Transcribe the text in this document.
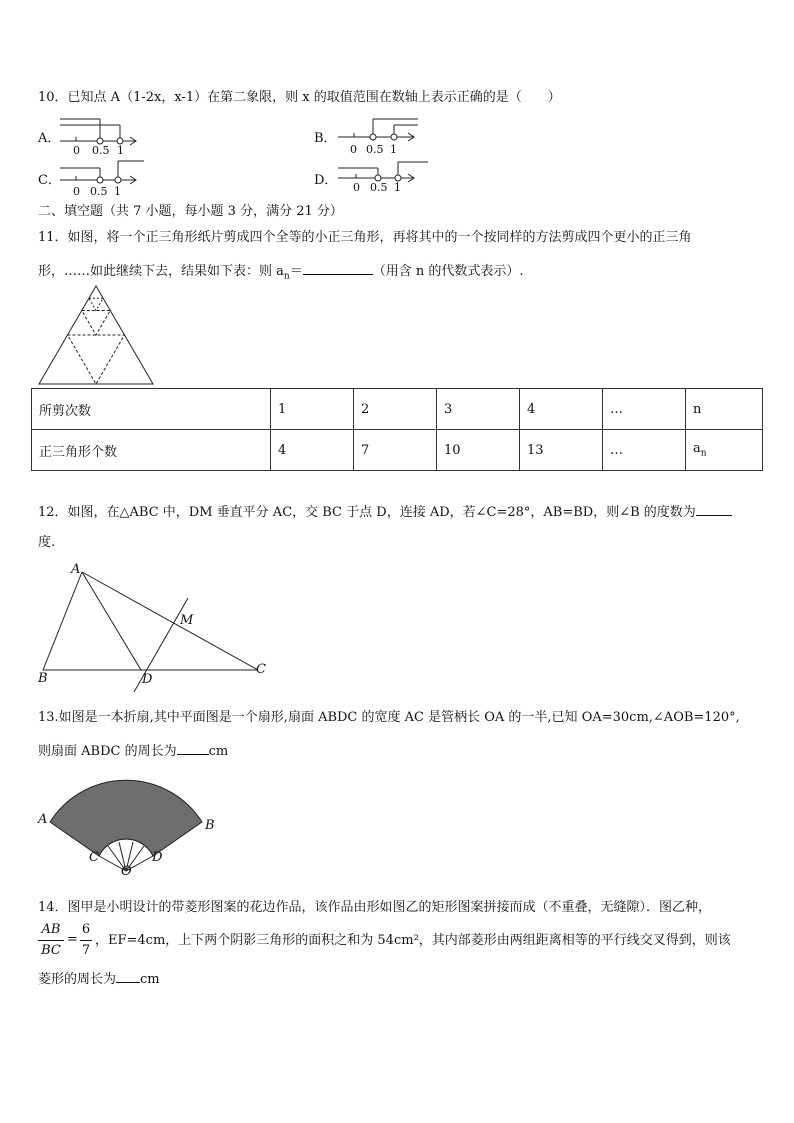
10．已知点 A（1-2x，x-1）在第二象限，则 x 的取值范围在数轴上表示正确的是（　　）
A．
0 0.5 1
B．
0 0.5 1
C．
0 0.5 1
D． 0 0.5 1
二、填空题（共 7 小题，每小题 3 分，满分 21 分）
11．如图，将一个正三角形纸片剪成四个全等的小正三角形，再将其中的一个按同样的方法剪成四个更小的正三角
形，……如此继续下去，结果如下表：则 $a_n=$	（用含 n 的代数式表示）.
所剪次数	1	2	3	4	…	n
正三角形个数	4	7	10	13	…	$a_n$
12．如图，在△ABC 中，DM 垂直平分 AC，交 BC 于点 D，连接 AD，若∠C=28°，AB=BD，则∠B 的度数为
度.
A
B	D
C
M
13.如图是一本折扇,其中平面图是一个扇形,扇面 ABDC 的宽度 AC 是管柄长 OA 的一半,已知 OA=30cm,∠AOB=120°,
则扇面 ABDC 的周长为 cm
A	B
C	D
O
14．图甲是小明设计的带菱形图案的花边作品，该作品由形如图乙的矩形图案拼接而成（不重叠，无缝隙）．图乙种，
AB
BC
=
6
7
，EF=4cm，上下两个阴影三角形的面积之和为 54cm²，其内部菱形由两组距离相等的平行线交叉得到，则该
菱形的周长为 cm
